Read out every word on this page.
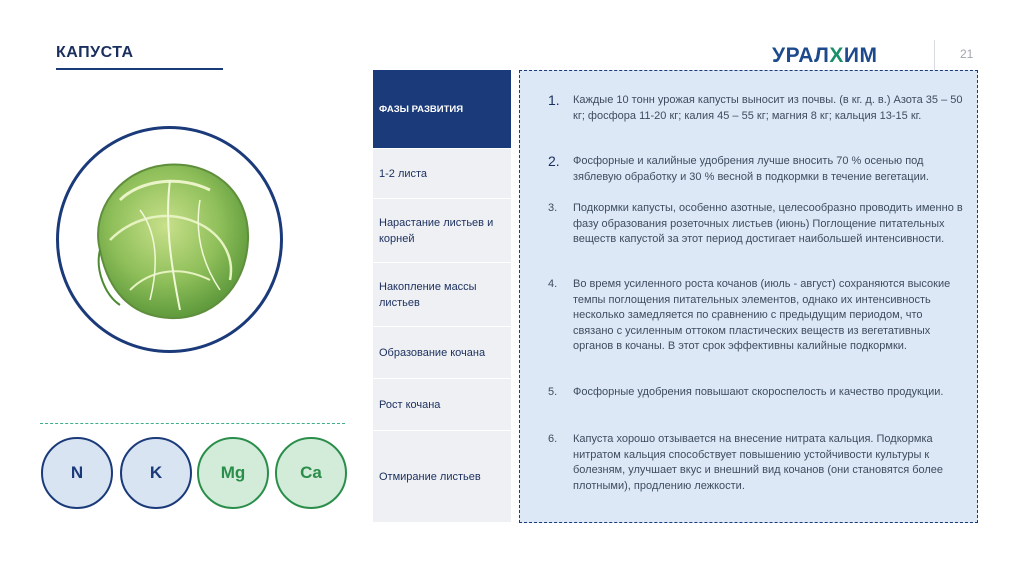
КАПУСТА	УРАЛХИМ	21
N	K	Mg	Ca
ФАЗЫ РАЗВИТИЯ
1-2 листа
Нарастание листьев и корней
Накопление массы листьев
Образование кочана
Рост кочана
Отмирание листьев
1.	Каждые 10 тонн урожая капусты выносит из почвы. (в кг. д. в.) Азота 35 – 50 кг; фосфора 11-20 кг; калия 45 – 55 кг; магния 8 кг; кальция 13-15 кг.
2.	Фосфорные и калийные удобрения лучше вносить 70 % осенью под зяблевую обработку и 30 % весной в подкормки в течение вегетации.
3.	Подкормки капусты, особенно азотные, целесообразно проводить именно в фазу образования розеточных листьев (июнь) Поглощение питательных веществ капустой за этот период достигает наибольшей интенсивности.
4.	Во время усиленного роста кочанов (июль - август) сохраняются высокие темпы поглощения питательных элементов, однако их интенсивность несколько замедляется по сравнению с предыдущим периодом, что связано с усиленным оттоком пластических веществ из вегетативных органов в кочаны. В этот срок эффективны калийные подкормки.
5.	Фосфорные удобрения повышают скороспелость и качество продукции.
6.	Капуста хорошо отзывается на внесение нитрата кальция. Подкормка нитратом кальция способствует повышению устойчивости культуры к болезням, улучшает вкус и внешний вид кочанов (они становятся более плотными), продлению лежкости.
